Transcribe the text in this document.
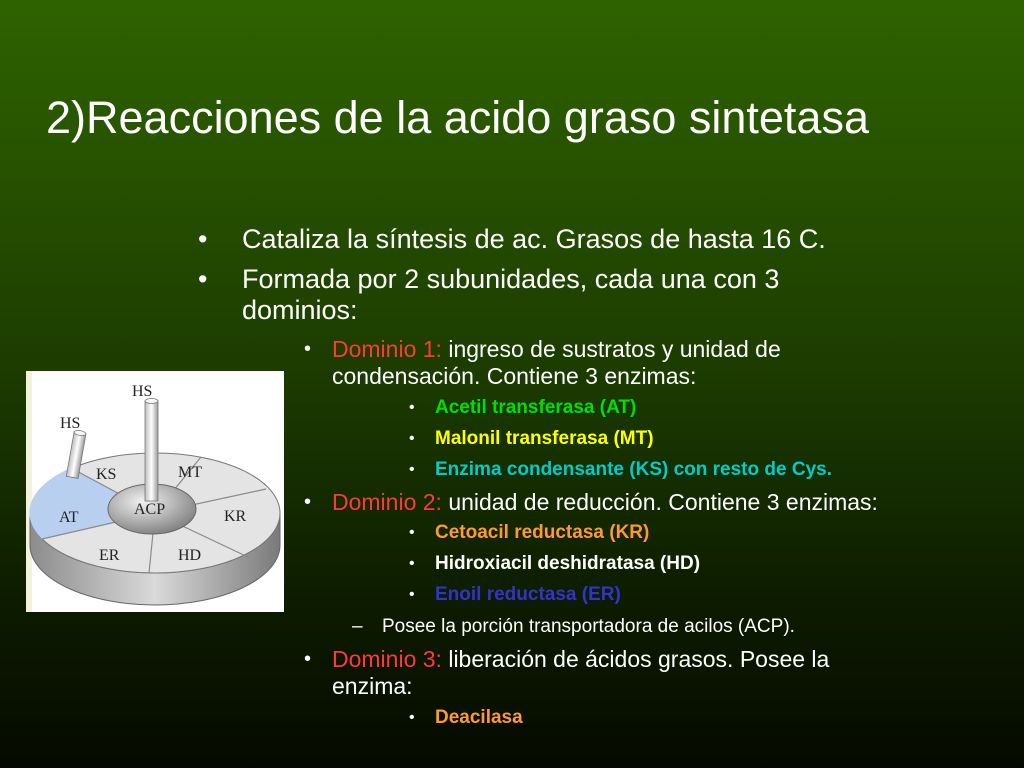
2)Reacciones de la acido graso sintetasa
• Cataliza la síntesis de ac. Grasos de hasta 16 C.
• Formada por 2 subunidades, cada una con 3
dominios:
• Dominio 1: ingreso de sustratos y unidad de
condensación. Contiene 3 enzimas:
• Acetil transferasa (AT)
• Malonil transferasa (MT)
• Enzima condensante (KS) con resto de Cys.
• Dominio 2: unidad de reducción. Contiene 3 enzimas:
• Cetoacil reductasa (KR)
• Hidroxiacil deshidratasa (HD)
• Enoil reductasa (ER)
– Posee la porción transportadora de acilos (ACP).
• Dominio 3: liberación de ácidos grasos. Posee la
enzima:
• Deacilasa
HS
HS
KS	MT
KR
HD
ER
AT	ACP
